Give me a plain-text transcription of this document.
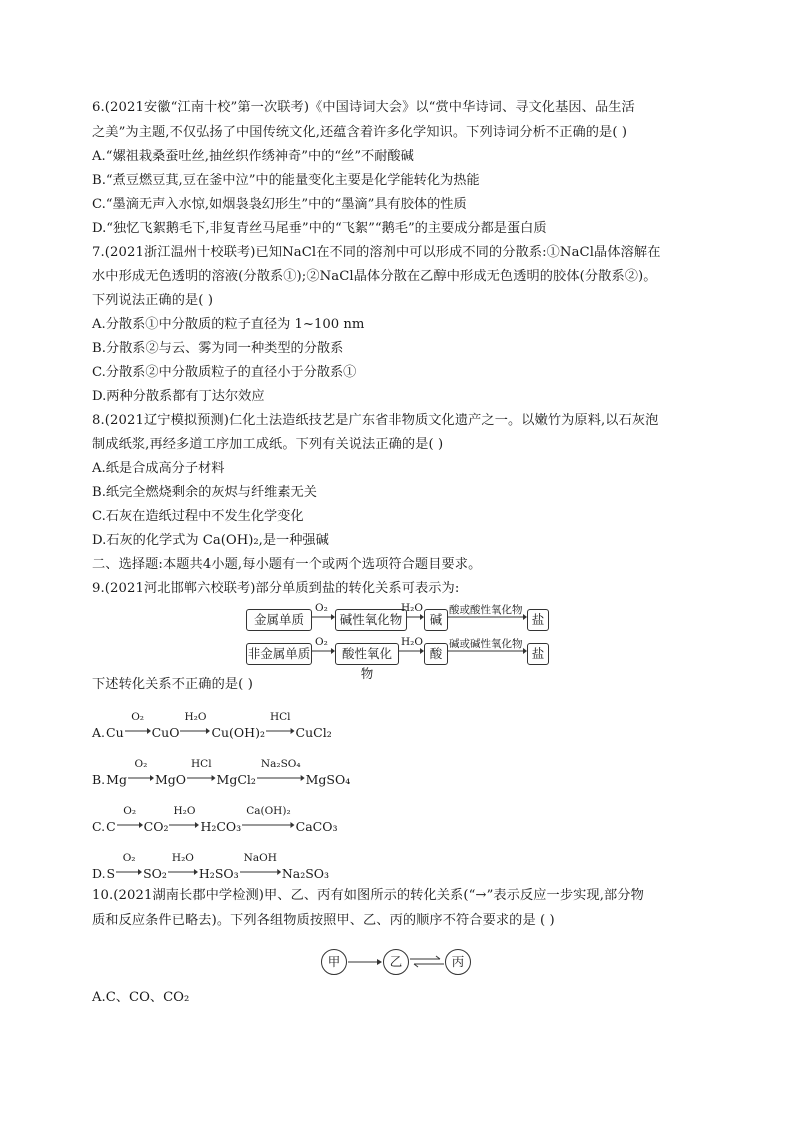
6.(2021安徽“江南十校”第一次联考)《中国诗词大会》以“赏中华诗词、寻文化基因、品生活
之美”为主题,不仅弘扬了中国传统文化,还蕴含着许多化学知识。下列诗词分析不正确的是( )
A.“嫘祖栽桑蚕吐丝,抽丝织作绣神奇”中的“丝”不耐酸碱
B.“煮豆燃豆萁,豆在釜中泣”中的能量变化主要是化学能转化为热能
C.“墨滴无声入水惊,如烟袅袅幻形生”中的“墨滴”具有胶体的性质
D.“独忆飞絮鹅毛下,非复青丝马尾垂”中的“飞絮”“鹅毛”的主要成分都是蛋白质
7.(2021浙江温州十校联考)已知NaCl在不同的溶剂中可以形成不同的分散系:①NaCl晶体溶解在
水中形成无色透明的溶液(分散系①);②NaCl晶体分散在乙醇中形成无色透明的胶体(分散系②)。
下列说法正确的是( )
A.分散系①中分散质的粒子直径为 1~100 nm
B.分散系②与云、雾为同一种类型的分散系
C.分散系②中分散质粒子的直径小于分散系①
D.两种分散系都有丁达尔效应
8.(2021辽宁模拟预测)仁化土法造纸技艺是广东省非物质文化遗产之一。以嫩竹为原料,以石灰泡
制成纸浆,再经多道工序加工成纸。下列有关说法正确的是( )
A.纸是合成高分子材料
B.纸完全燃烧剩余的灰烬与纤维素无关
C.石灰在造纸过程中不发生化学变化
D.石灰的化学式为 Ca(OH)₂,是一种强碱
二、选择题:本题共4小题,每小题有一个或两个选项符合题目要求。
9.(2021河北邯郸六校联考)部分单质到盐的转化关系可表示为:
金属单质
O₂
碱性氧化物
H₂O
碱
酸或酸性氧化物
盐
非金属单质
O₂
酸性氧化物
H₂O
酸
碱或碱性氧化物
盐
下述转化关系不正确的是( )
A. Cu
O₂
CuO
H₂O
Cu(OH)₂
HCl
CuCl₂
B. Mg
O₂
MgO
HCl
MgCl₂
Na₂SO₄
MgSO₄
C. C
O₂
CO₂
H₂O
H₂CO₃
Ca(OH)₂
CaCO₃
D. S
O₂
SO₂
H₂O
H₂SO₃
NaOH
Na₂SO₃
10.(2021湖南长郡中学检测)甲、乙、丙有如图所示的转化关系(“→”表示反应一步实现,部分物
质和反应条件已略去)。下列各组物质按照甲、乙、丙的顺序不符合要求的是 ( )
甲	乙	丙
A.C、CO、CO₂
